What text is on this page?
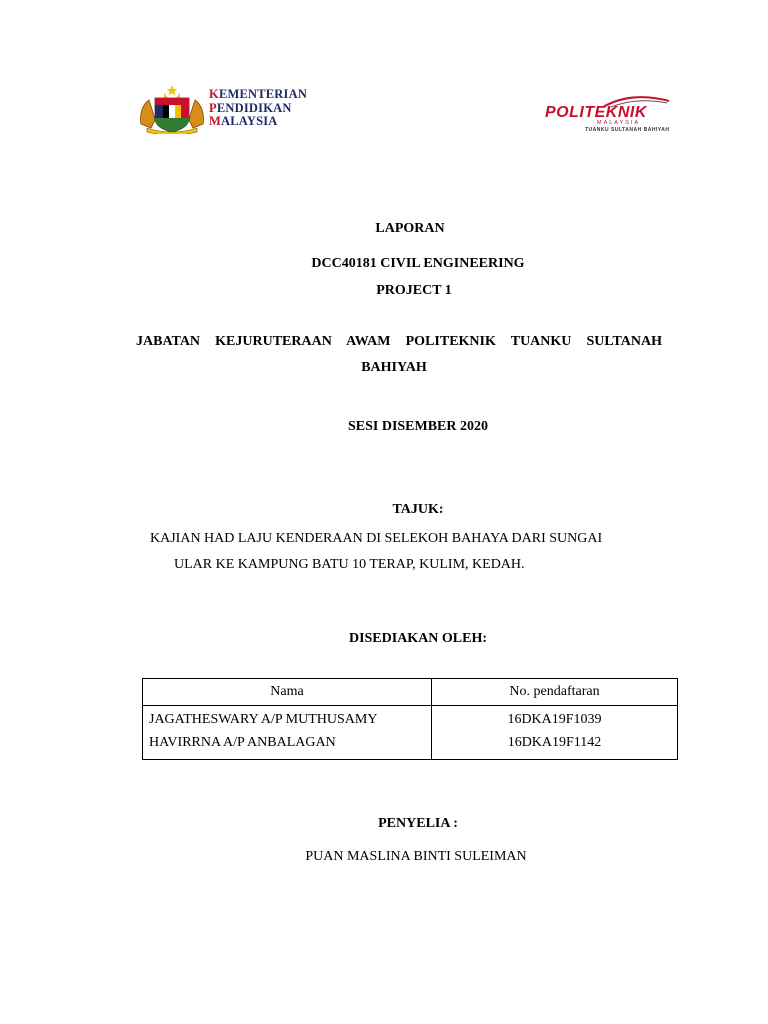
KEMENTERIAN
PENDIDIKAN
MALAYSIA	POLITEKNIK
MALAYSIA
TUANKU SULTANAH BAHIYAH
LAPORAN
DCC40181 CIVIL ENGINEERING
PROJECT 1
JABATAN KEJURUTERAAN AWAM POLITEKNIK TUANKU SULTANAH
BAHIYAH
SESI DISEMBER 2020
TAJUK:
KAJIAN HAD LAJU KENDERAAN DI SELEKOH BAHAYA DARI SUNGAI
ULAR KE KAMPUNG BATU 10 TERAP, KULIM, KEDAH.
DISEDIAKAN OLEH:
Nama	No. pendaftaran
JAGATHESWARY A/P MUTHUSAMY	16DKA19F1039
HAVIRRNA A/P ANBALAGAN	16DKA19F1142
PENYELIA :
PUAN MASLINA BINTI SULEIMAN
